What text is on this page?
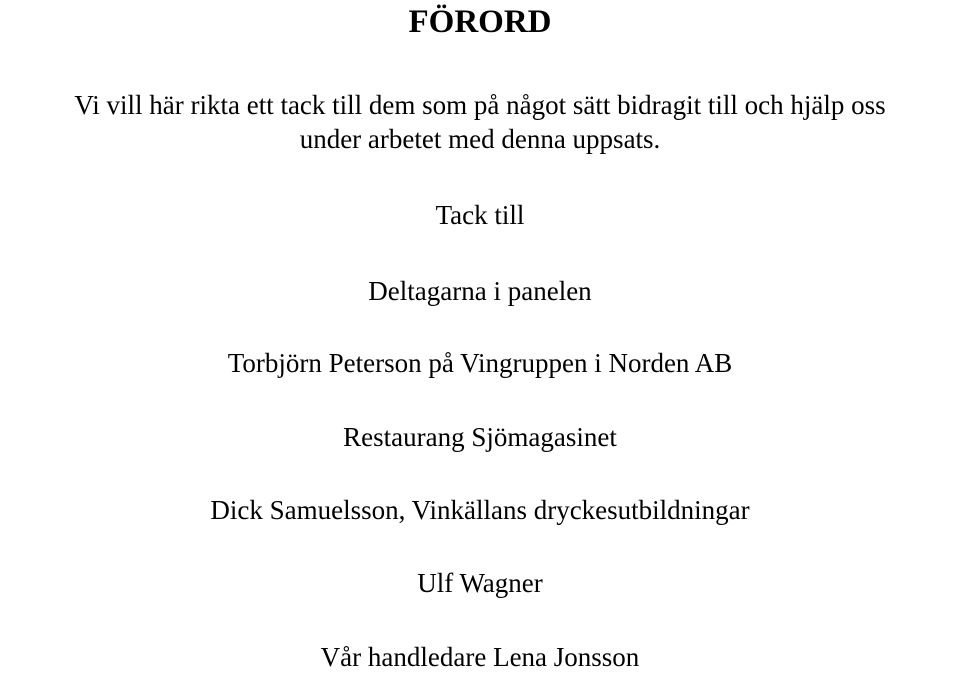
FÖRORD

Vi vill här rikta ett tack till dem som på något sätt bidragit till och hjälp oss
under arbetet med denna uppsats.

Tack till

Deltagarna i panelen

Torbjörn Peterson på Vingruppen i Norden AB

Restaurang Sjömagasinet

Dick Samuelsson, Vinkällans dryckesutbildningar

Ulf Wagner

Vår handledare Lena Jonsson
